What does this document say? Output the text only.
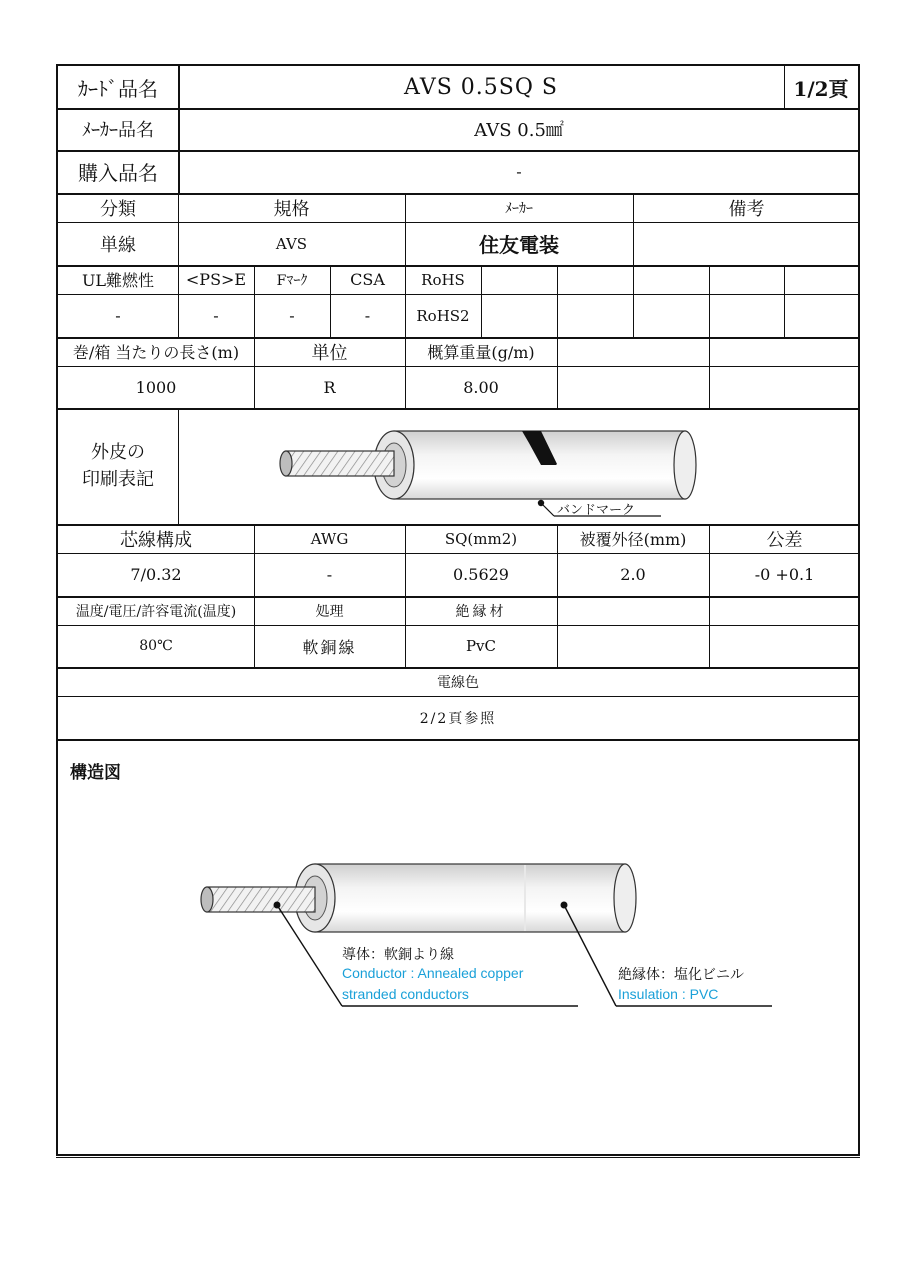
ｶｰﾄﾞ品名	AVS 0.5SQ S	1/2頁
ﾒｰｶｰ品名	AVS 0.5㎟
購入品名	-
分類	規格	ﾒｰｶｰ	備考
単線	AVS	住友電装
UL難燃性	<PS>E	Fﾏｰｸ	CSA	RoHS
-	-	-	-	RoHS2
巻/箱 当たりの長さ(m)	単位	概算重量(g/m)
1000	R	8.00
外皮の
印刷表記
バンドマーク
芯線構成	AWG	SQ(mm2)	被覆外径(mm)	公差
7/0.32	-	0.5629	2.0	-0 +0.1
温度/電圧/許容電流(温度)	処理	絶縁材
80℃	軟銅線	PvC
電線色
2/2頁参照
構造図
導体：軟銅より線
Conductor : Annealed copper
stranded conductors
絶縁体：塩化ビニル
Insulation : PVC
